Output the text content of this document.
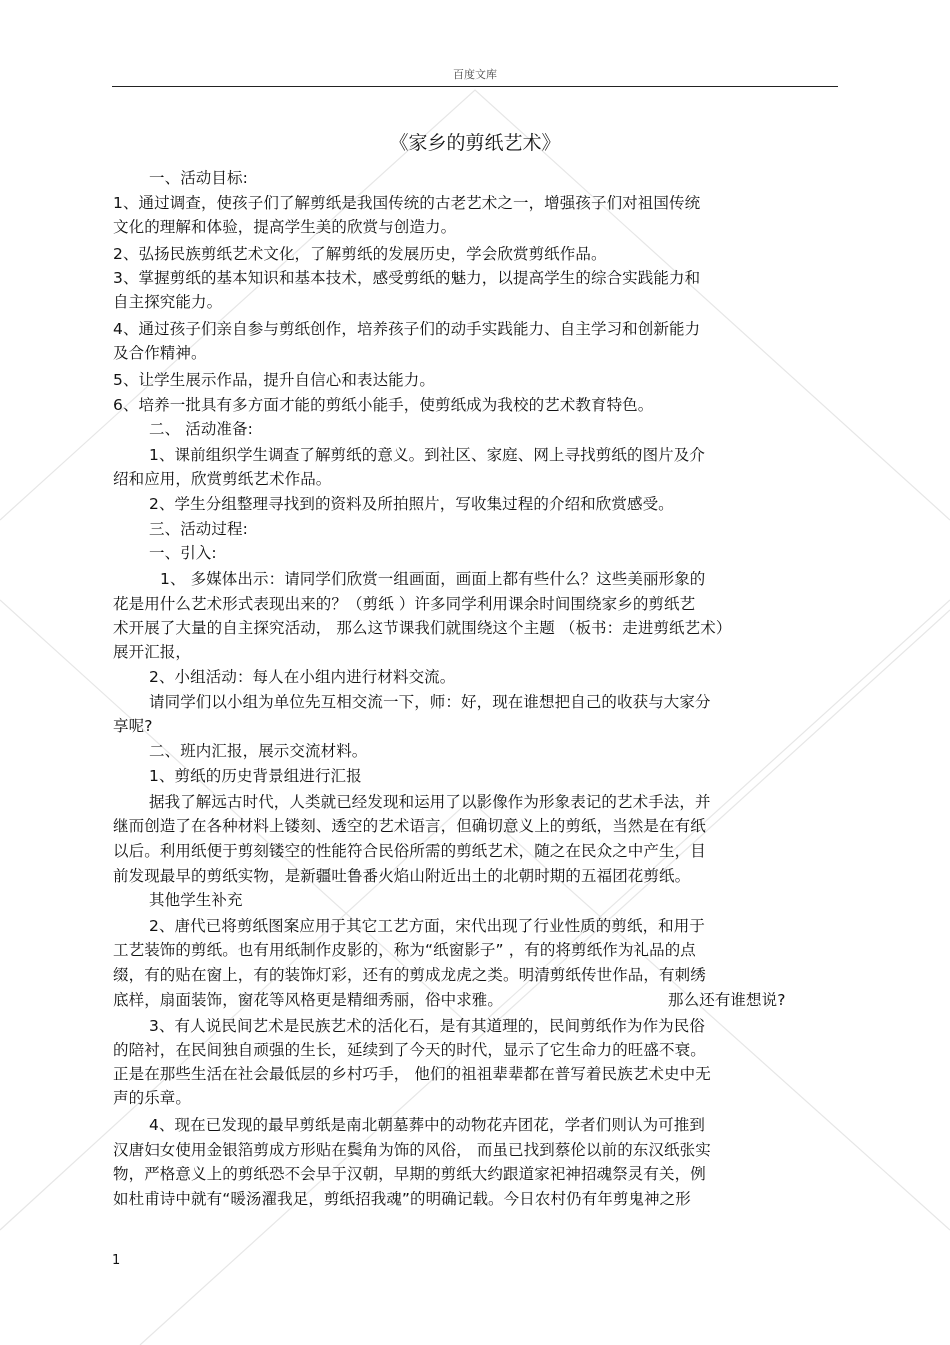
百度文库
《家乡的剪纸艺术》
一、活动目标:
1、通过调查，使孩子们了解剪纸是我国传统的古老艺术之一，增强孩子们对祖国传统
文化的理解和体验，提高学生美的欣赏与创造力。
2、弘扬民族剪纸艺术文化，了解剪纸的发展历史，学会欣赏剪纸作品。
3、掌握剪纸的基本知识和基本技术，感受剪纸的魅力，以提高学生的综合实践能力和
自主探究能力。
4、通过孩子们亲自参与剪纸创作，培养孩子们的动手实践能力、自主学习和创新能力
及合作精神。
5、让学生展示作品，提升自信心和表达能力。
6、培养一批具有多方面才能的剪纸小能手，使剪纸成为我校的艺术教育特色。
二、 活动准备:
1、课前组织学生调查了解剪纸的意义。到社区、家庭、网上寻找剪纸的图片及介
绍和应用，欣赏剪纸艺术作品。
2、学生分组整理寻找到的资料及所拍照片，写收集过程的介绍和欣赏感受。
三、活动过程:
一、引入:
1、 多媒体出示：请同学们欣赏一组画面，画面上都有些什么？这些美丽形象的
花是用什么艺术形式表现出来的？（剪纸 ）许多同学利用课余时间围绕家乡的剪纸艺
术开展了大量的自主探究活动， 那么这节课我们就围绕这个主题 （板书：走进剪纸艺术）
展开汇报，
2、小组活动：每人在小组内进行材料交流。
请同学们以小组为单位先互相交流一下，师：好，现在谁想把自己的收获与大家分
享呢?
二、班内汇报，展示交流材料。
1、剪纸的历史背景组进行汇报
据我了解远古时代，人类就已经发现和运用了以影像作为形象表记的艺术手法，并
继而创造了在各种材料上镂刻、透空的艺术语言，但确切意义上的剪纸，当然是在有纸
以后。利用纸便于剪刻镂空的性能符合民俗所需的剪纸艺术，随之在民众之中产生，目
前发现最早的剪纸实物，是新疆吐鲁番火焰山附近出土的北朝时期的五福团花剪纸。
其他学生补充
2、唐代已将剪纸图案应用于其它工艺方面，宋代出现了行业性质的剪纸，和用于
工艺装饰的剪纸。也有用纸制作皮影的，称为“纸窗影子” ，有的将剪纸作为礼品的点
缀，有的贴在窗上，有的装饰灯彩，还有的剪成龙虎之类。明清剪纸传世作品，有刺绣
底样，扇面装饰，窗花等风格更是精细秀丽，俗中求雅。	那么还有谁想说?
3、有人说民间艺术是民族艺术的活化石，是有其道理的，民间剪纸作为作为民俗
的陪衬，在民间独自顽强的生长，延续到了今天的时代，显示了它生命力的旺盛不衰。
正是在那些生活在社会最低层的乡村巧手， 他们的祖祖辈辈都在普写着民族艺术史中无
声的乐章。
4、现在已发现的最早剪纸是南北朝墓葬中的动物花卉团花，学者们则认为可推到
汉唐妇女使用金银箔剪成方形贴在鬓角为饰的风俗， 而虽已找到蔡伦以前的东汉纸张实
物，严格意义上的剪纸恐不会早于汉朝，早期的剪纸大约跟道家祀神招魂祭灵有关，例
如杜甫诗中就有“暖汤濯我足，剪纸招我魂”的明确记载。今日农村仍有年剪鬼神之形
1
